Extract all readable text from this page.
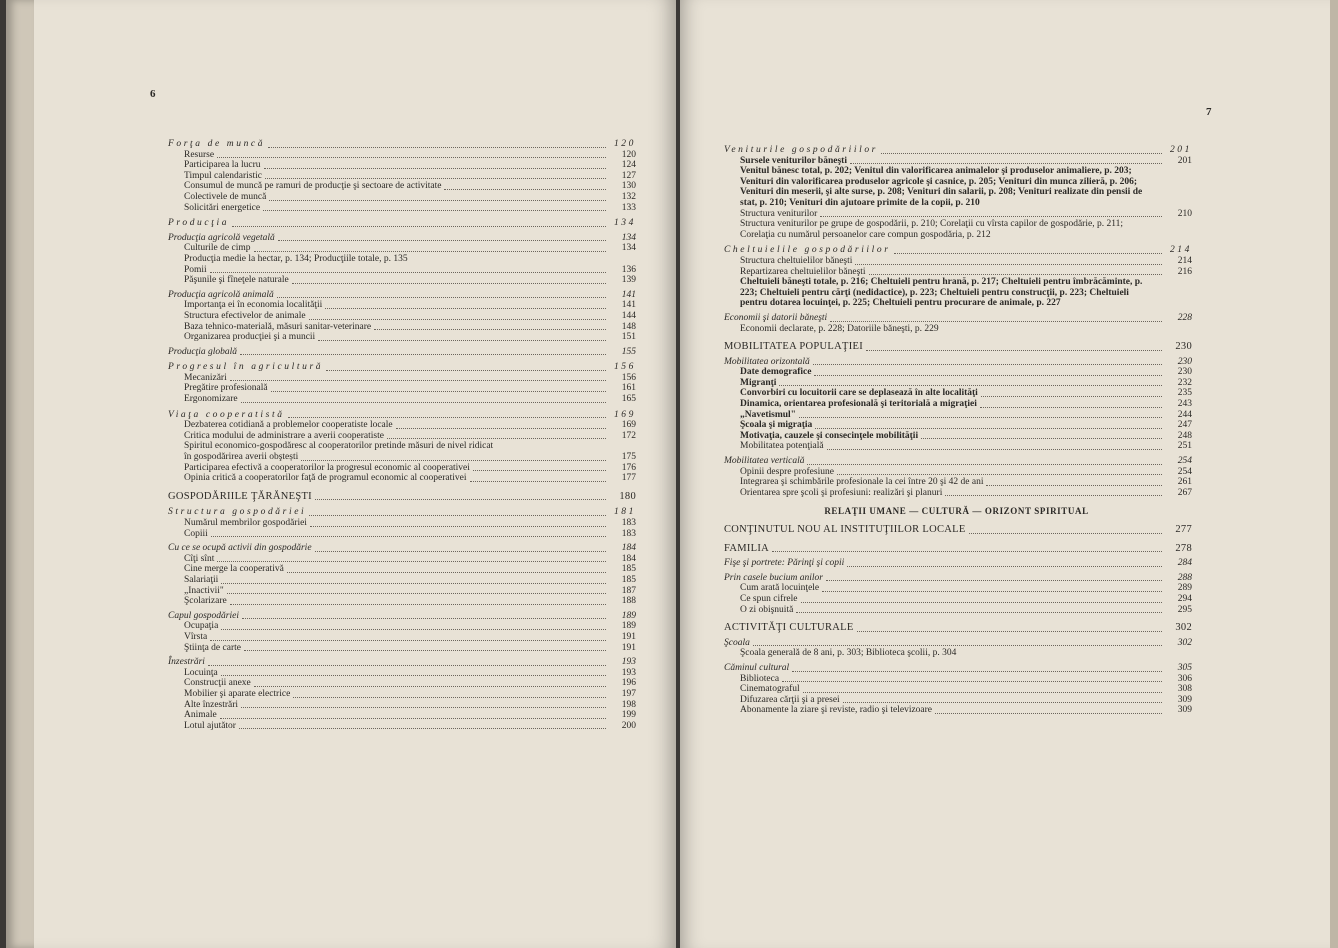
6
Forţa de muncă	120
Resurse	120
Participarea la lucru	124
Timpul calendaristic	127
Consumul de muncă pe ramuri de producţie şi sectoare de activitate	130
Colectivele de muncă	132
Solicitări energetice	133
Producţia	134
Producţia agricolă vegetală	134
Culturile de cimp	134
Producţia medie la hectar, p. 134; Producţiile totale, p. 135
Pomii	136
Păşunile şi fîneţele naturale	139
Producţia agricolă animală	141
Importanţa ei în economia localităţii	141
Structura efectivelor de animale	144
Baza tehnico-materială, măsuri sanitar-veterinare	148
Organizarea producţiei şi a muncii	151
Producţia globală	155
Progresul în agricultură	156
Mecanizări	156
Pregătire profesională	161
Ergonomizare	165
Viaţa cooperatistă	169
Dezbaterea cotidiană a problemelor cooperatiste locale	169
Critica modului de administrare a averii cooperatiste	172
Spiritul economico-gospodăresc al cooperatorilor pretinde măsuri de nivel ridicat
în gospodărirea averii obştești	175
Participarea efectivă a cooperatorilor la progresul economic al cooperativei	176
Opinia critică a cooperatorilor faţă de programul economic al cooperativei	177
GOSPODĂRIILE ŢĂRĂNEŞTI	180
Structura gospodăriei	181
Numărul membrilor gospodăriei	183
Copiii	183
Cu ce se ocupă activii din gospodărie	184
Cîţi sînt	184
Cine merge la cooperativă	185
Salariaţii	185
„Inactivii"	187
Şcolarizare	188
Capul gospodăriei	189
Ocupaţia	189
Vîrsta	191
Ştiinţa de carte	191
Înzestrări	193
Locuinţa	193
Construcţii anexe	196
Mobilier şi aparate electrice	197
Alte înzestrări	198
Animale	199
Lotul ajutător	200
7
Veniturile gospodăriilor	201
Sursele veniturilor băneşti	201
Venitul bănesc total, p. 202; Venitul din valorificarea animalelor şi produselor animaliere, p. 203; Venituri din valorificarea produselor agricole şi casnice, p. 205; Venituri din munca zilieră, p. 206; Venituri din meserii, şi alte surse, p. 208; Venituri din salarii, p. 208; Venituri realizate din pensii de stat, p. 210; Venituri din ajutoare primite de la copii, p. 210
Structura veniturilor	210
Structura veniturilor pe grupe de gospodării, p. 210; Corelaţii cu vîrsta capilor de gospodărie, p. 211; Corelaţia cu numărul persoanelor care compun gospodăria, p. 212
Cheltuielile gospodăriilor	214
Structura cheltuielilor băneşti	214
Repartizarea cheltuielilor băneşti	216
Cheltuieli băneşti totale, p. 216; Cheltuieli pentru hrană, p. 217; Cheltuieli pentru îmbrăcăminte, p. 223; Cheltuieli pentru cărţi (nedidactice), p. 223; Cheltuieli pentru construcţii, p. 223; Cheltuieli pentru dotarea locuinţei, p. 225; Cheltuieli pentru procurare de animale, p. 227
Economii şi datorii băneşti	228
Economii declarate, p. 228; Datoriile băneşti, p. 229
MOBILITATEA POPULAŢIEI	230
Mobilitatea orizontală	230
Date demografice	230
Migranţi	232
Convorbiri cu locuitorii care se deplasează în alte localităţi	235
Dinamica, orientarea profesională şi teritorială a migraţiei	243
„Navetismul"	244
Şcoala şi migraţia	247
Motivaţia, cauzele şi consecinţele mobilităţii	248
Mobilitatea potenţială	251
Mobilitatea verticală	254
Opinii despre profesiune	254
Integrarea şi schimbările profesionale la cei între 20 şi 42 de ani	261
Orientarea spre şcoli şi profesiuni: realizări şi planuri	267
RELAŢII UMANE — CULTURĂ — ORIZONT SPIRITUAL
CONŢINUTUL NOU AL INSTITUŢIILOR LOCALE	277
FAMILIA	278
Fişe şi portrete: Părinţi şi copii	284
Prin casele bucium anilor	288
Cum arată locuinţele	289
Ce spun cifrele	294
O zi obişnuită	295
ACTIVITĂŢI CULTURALE	302
Şcoala	302
Şcoala generală de 8 ani, p. 303; Biblioteca şcolii, p. 304
Căminul cultural	305
Biblioteca	306
Cinematograful	308
Difuzarea cărţii şi a presei	309
Abonamente la ziare şi reviste, radio şi televizoare	309
